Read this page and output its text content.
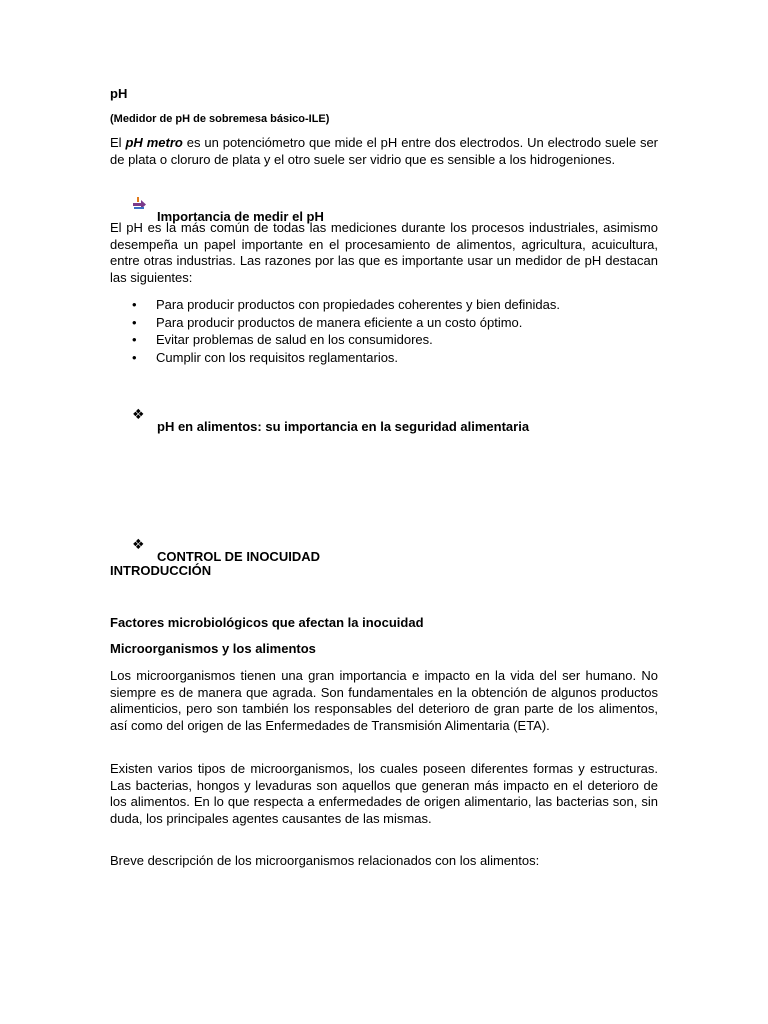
pH

(Medidor de pH de sobremesa básico-ILE)

El pH metro es un potenciómetro que mide el pH entre dos electrodos. Un electrodo suele ser de plata o cloruro de plata y el otro suele ser vidrio que es sensible a los hidrogeniones.

Importancia de medir el pH

El pH es la más común de todas las mediciones durante los procesos industriales, asimismo desempeña un papel importante en el procesamiento de alimentos, agricultura, acuicultura, entre otras industrias. Las razones por las que es importante usar un medidor de pH destacan las siguientes:

• Para producir productos con propiedades coherentes y bien definidas.
• Para producir productos de manera eficiente a un costo óptimo.
• Evitar problemas de salud en los consumidores.
• Cumplir con los requisitos reglamentarios.
❖

pH en alimentos: su importancia en la seguridad alimentaria

❖

CONTROL DE INOCUIDAD

INTRODUCCIÓN

Factores microbiológicos que afectan la inocuidad

Microorganismos y los alimentos

Los microorganismos tienen una gran importancia e impacto en la vida del ser humano. No siempre es de manera que agrada. Son fundamentales en la obtención de algunos productos alimenticios, pero son también los responsables del deterioro de gran parte de los alimentos, así como del origen de las Enfermedades de Transmisión Alimentaria (ETA).

Existen varios tipos de microorganismos, los cuales poseen diferentes formas y estructuras. Las bacterias, hongos y levaduras son aquellos que generan más impacto en el deterioro de los alimentos. En lo que respecta a enfermedades de origen alimentario, las bacterias son, sin duda, los principales agentes causantes de las mismas.

Breve descripción de los microorganismos relacionados con los alimentos:
